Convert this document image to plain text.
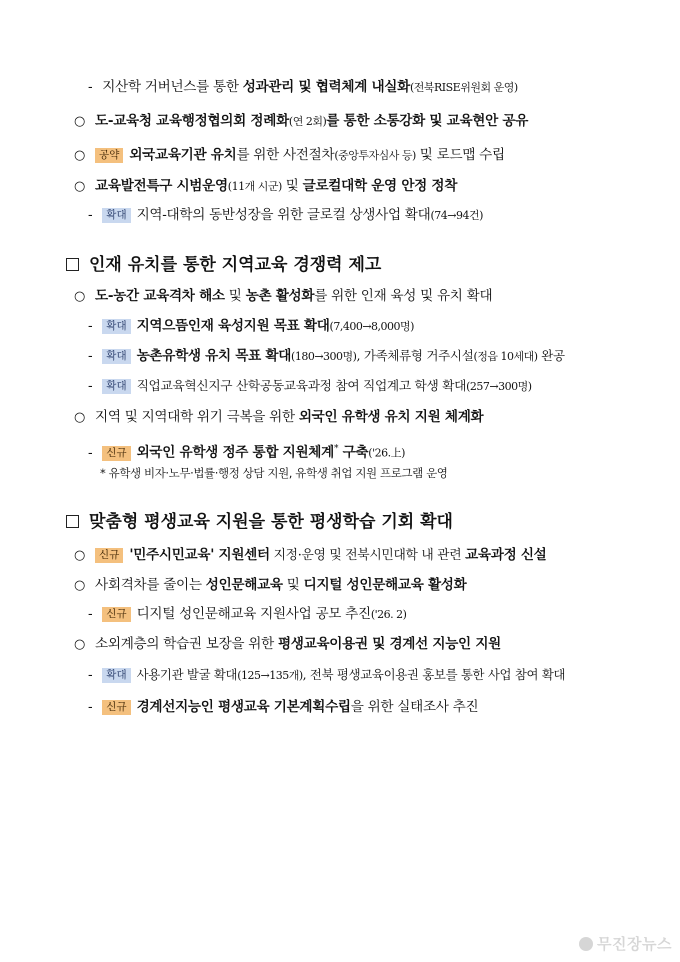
- 지산학 거버넌스를 통한 성과관리 및 협력체계 내실화(전북RISE위원회 운영)
○ 도-교육청 교육행정협의회 정례화(연 2회)를 통한 소통강화 및 교육현안 공유
○ 공약 외국교육기관 유치를 위한 사전절차(중앙투자심사 등) 및 로드맵 수립
○ 교육발전특구 시범운영(11개 시군) 및 글로컬대학 운영 안정 정착
- 확대 지역-대학의 동반성장을 위한 글로컬 상생사업 확대(74→94건)
인재 유치를 통한 지역교육 경쟁력 제고
○ 도-농간 교육격차 해소 및 농촌 활성화를 위한 인재 육성 및 유치 확대
- 확대 지역으뜸인재 육성지원 목표 확대(7,400→8,000명)
- 확대 농촌유학생 유치 목표 확대(180→300명), 가족체류형 거주시설(정읍 10세대) 완공
- 확대 직업교육혁신지구 산학공동교육과정 참여 직업계고 학생 확대(257→300명)
○ 지역 및 지역대학 위기 극복을 위한 외국인 유학생 유치 지원 체계화
- 신규 외국인 유학생 정주 통합 지원체계* 구축('26.上)
* 유학생 비자·노무·법률·행정 상담 지원, 유학생 취업 지원 프로그램 운영
맞춤형 평생교육 지원을 통한 평생학습 기회 확대
○ 신규 '민주시민교육' 지원센터 지정·운영 및 전북시민대학 내 관련 교육과정 신설
○ 사회격차를 줄이는 성인문해교육 및 디지털 성인문해교육 활성화
- 신규 디지털 성인문해교육 지원사업 공모 추진('26. 2)
○ 소외계층의 학습권 보장을 위한 평생교육이용권 및 경계선 지능인 지원
- 확대 사용기관 발굴 확대(125→135개), 전북 평생교육이용권 홍보를 통한 사업 참여 확대
- 신규 경계선지능인 평생교육 기본계획수립을 위한 실태조사 추진
무진장뉴스
